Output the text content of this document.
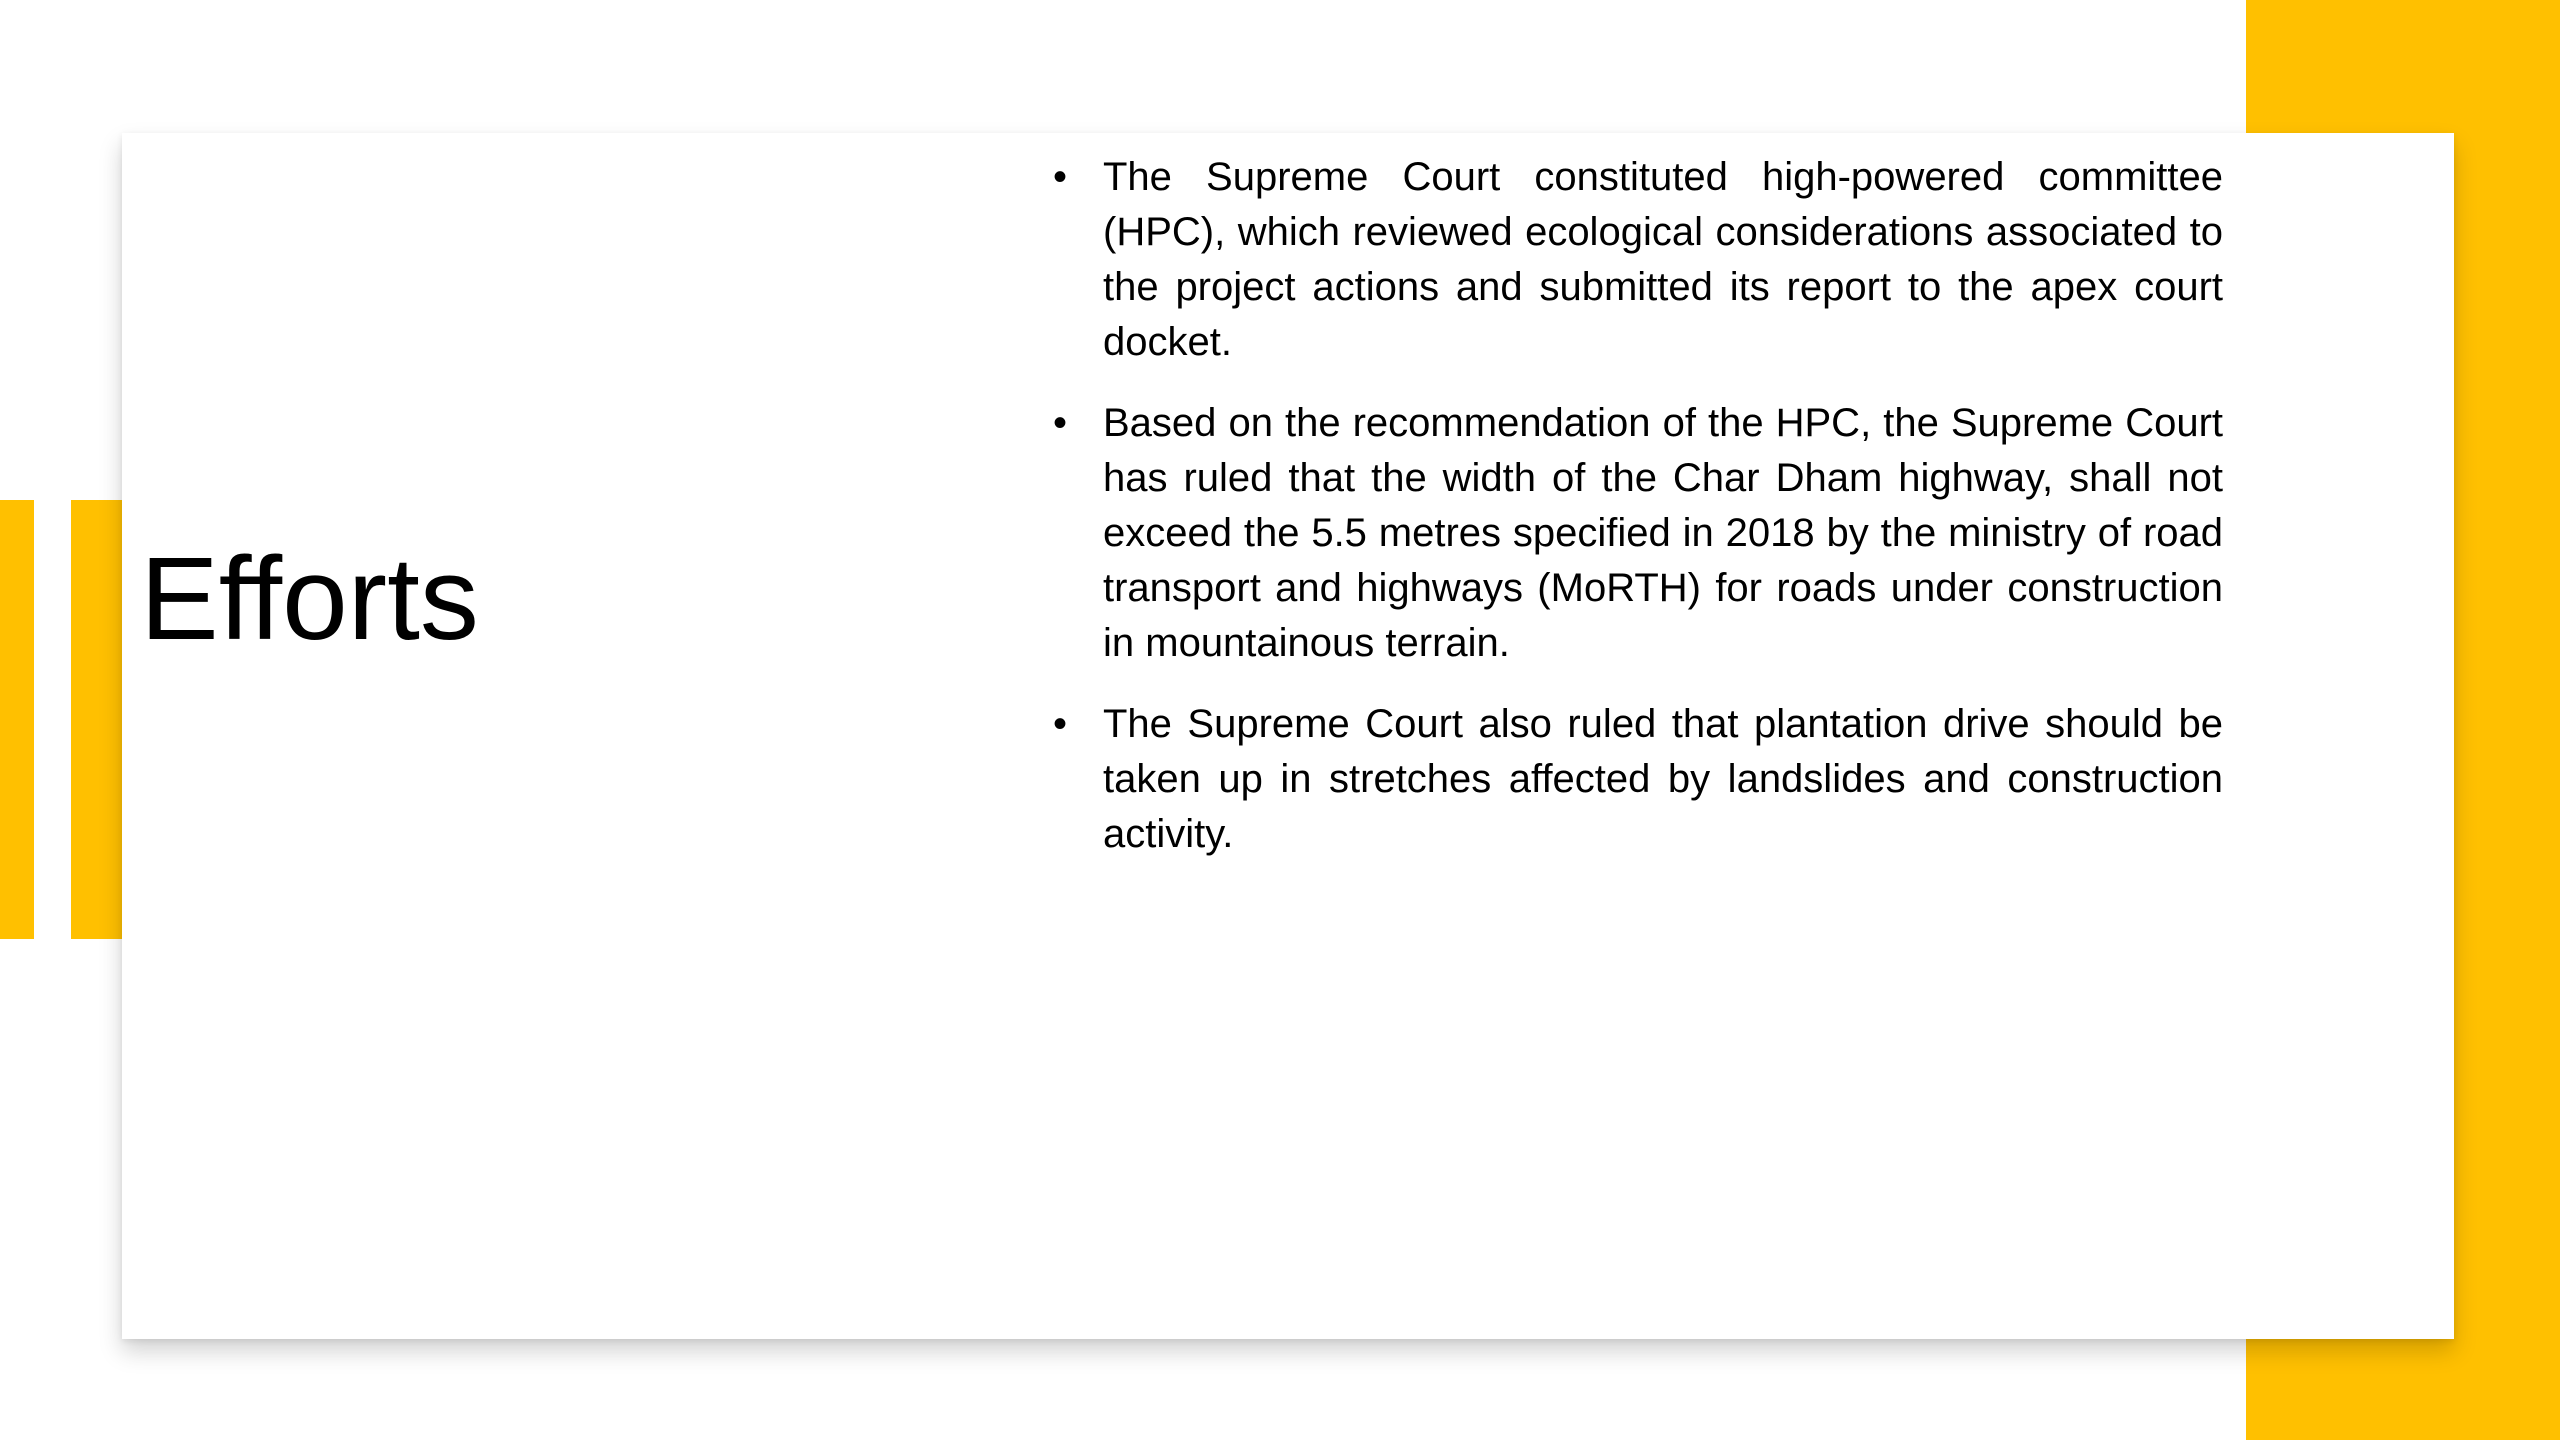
Efforts
• The Supreme Court constituted high-powered committee (HPC), which reviewed ecological considerations associated to the project actions and submitted its report to the apex court docket.
• Based on the recommendation of the HPC, the Supreme Court has ruled that the width of the Char Dham highway, shall not exceed the 5.5 metres specified in 2018 by the ministry of road transport and highways (MoRTH) for roads under construction in mountainous terrain.
• The Supreme Court also ruled that plantation drive should be taken up in stretches affected by landslides and construction activity.
